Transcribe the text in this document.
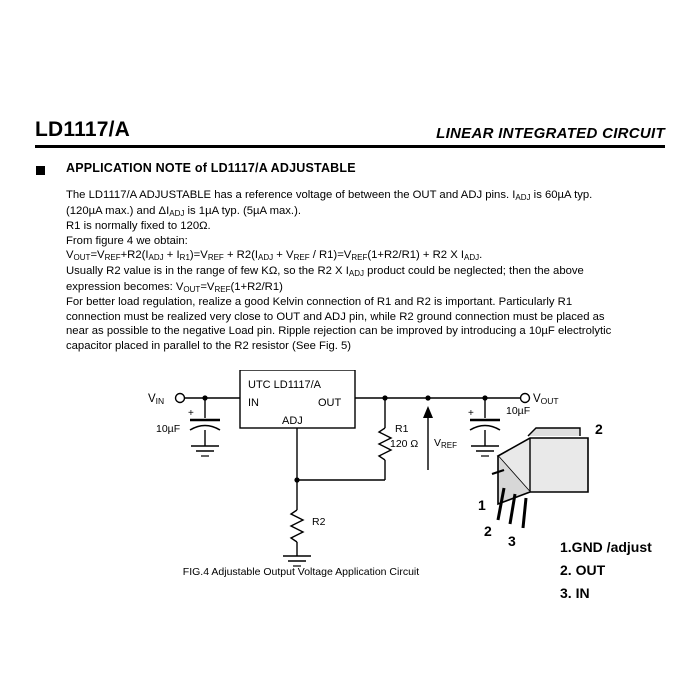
LD1117/A	LINEAR INTEGRATED CIRCUIT
APPLICATION NOTE of LD1117/A ADJUSTABLE

The LD1117/A ADJUSTABLE has a reference voltage of between the OUT and ADJ pins. $I_{ADJ}$ is 60µA typ.
(120µA max.) and $\Delta I_{ADJ}$ is 1µA typ. (5µA max.).

R1 is normally fixed to 120Ω.

From figure 4 we obtain:

$V_{OUT}=V_{REF}+R2(I_{ADJ} + I_{R1})=V_{REF} + R2(I_{ADJ} + V_{REF} / R1)=V_{REF}(1+R2/R1) + R2$ X $I_{ADJ}$.

Usually R2 value is in the range of few KΩ, so the R2 X $I_{ADJ}$ product could be neglected; then the above
expression becomes: $V_{OUT}=V_{REF}(1+R2/R1)$

For better load regulation, realize a good Kelvin connection of R1 and R2 is important. Particularly R1
connection must be realized very close to OUT and ADJ pin, while R2 ground connection must be placed as
near as possible to the negative Load pin. Ripple rejection can be improved by introducing a 10µF electrolytic
capacitor placed in parallel to the R2 resistor (See Fig. 5)

UTC LD1117/A
IN	OUT
ADJ
VIN	VOUT
+	+
10µF
10µF
R1
120 Ω
R2
VREF
2
1
2
3
FIG.4 Adjustable Output Voltage Application Circuit
1.GND /adjust
2. OUT
3. IN
